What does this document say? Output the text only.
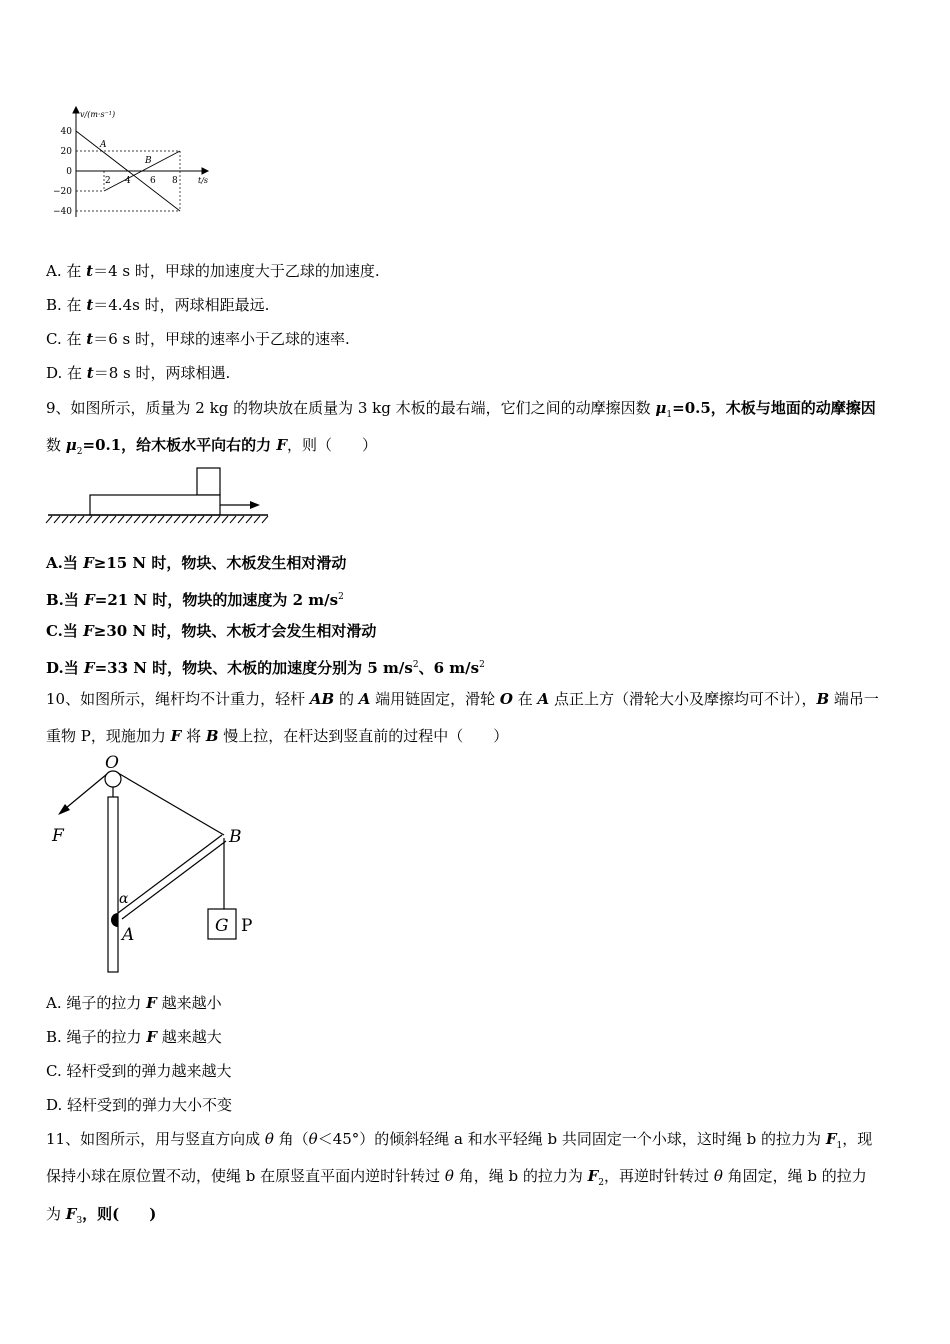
v/(m·s⁻¹)
t/s
40
20
0
−20
−40
2 4 6 8
A
B
A. 在 t＝4 s 时，甲球的加速度大于乙球的加速度.
B. 在 t＝4.4s 时，两球相距最远.
C. 在 t＝6 s 时，甲球的速率小于乙球的速率.
D. 在 t＝8 s 时，两球相遇.
9、如图所示，质量为 2 kg 的物块放在质量为 3 kg 木板的最右端，它们之间的动摩擦因数 $\mu_1=0.5$，木板与地面的动摩擦因
数 $\mu_2=0.1$，给木板水平向右的力 F，则（　　）
A.当 F≥15 N 时，物块、木板发生相对滑动
B.当 F=21 N 时，物块的加速度为 2 $m/s^2$
C.当 F≥30 N 时，物块、木板才会发生相对滑动
D.当 F=33 N 时，物块、木板的加速度分别为 5 $m/s^2$、6 $m/s^2$
10、如图所示，绳杆均不计重力，轻杆 AB 的 A 端用链固定，滑轮 O 在 A 点正上方（滑轮大小及摩擦均可不计），B 端吊一
重物 P，现施加力 F 将 B 慢上拉，在杆达到竖直前的过程中（　　）
O
F	B
α
A	G P
A. 绳子的拉力 F 越来越小
B. 绳子的拉力 F 越来越大
C. 轻杆受到的弹力越来越大
D. 轻杆受到的弹力大小不变
11、如图所示，用与竖直方向成 θ 角（θ＜45°）的倾斜轻绳 a 和水平轻绳 b 共同固定一个小球，这时绳 b 的拉力为 $F_1$，现
保持小球在原位置不动，使绳 b 在原竖直平面内逆时针转过 θ 角，绳 b 的拉力为 $F_2$，再逆时针转过 θ 角固定，绳 b 的拉力
为 $F_3$，则(　　)
